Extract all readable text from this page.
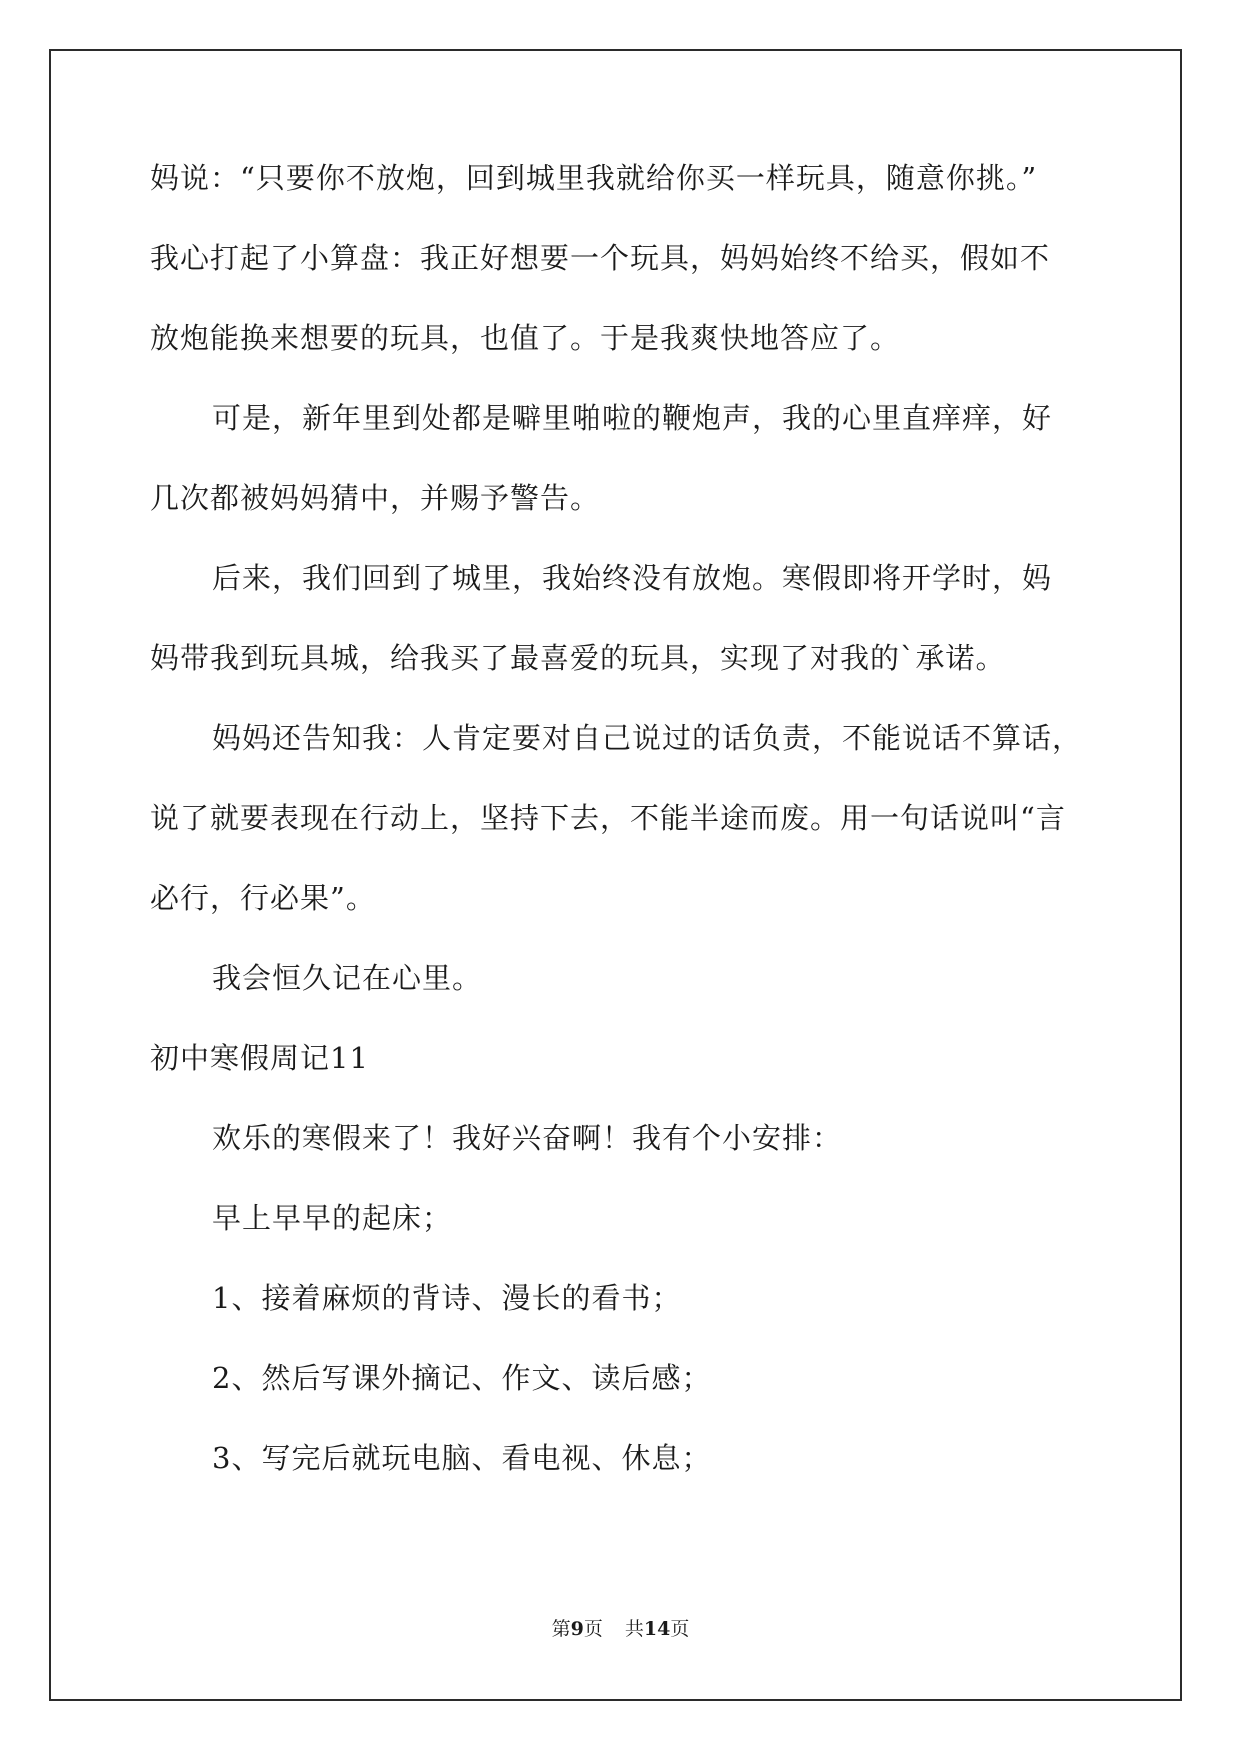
妈说：“只要你不放炮，回到城里我就给你买一样玩具，随意你挑。”
我心打起了小算盘：我正好想要一个玩具，妈妈始终不给买，假如不
放炮能换来想要的玩具，也值了。于是我爽快地答应了。
可是，新年里到处都是噼里啪啦的鞭炮声，我的心里直痒痒，好
几次都被妈妈猜中，并赐予警告。
后来，我们回到了城里，我始终没有放炮。寒假即将开学时，妈
妈带我到玩具城，给我买了最喜爱的玩具，实现了对我的`承诺。
妈妈还告知我：人肯定要对自己说过的话负责，不能说话不算话，
说了就要表现在行动上，坚持下去，不能半途而废。用一句话说叫“言
必行，行必果”。
我会恒久记在心里。
初中寒假周记11
欢乐的寒假来了！我好兴奋啊！我有个小安排：
早上早早的起床；
1、接着麻烦的背诗、漫长的看书；
2、然后写课外摘记、作文、读后感；
3、写完后就玩电脑、看电视、休息；
第9页 共14页
